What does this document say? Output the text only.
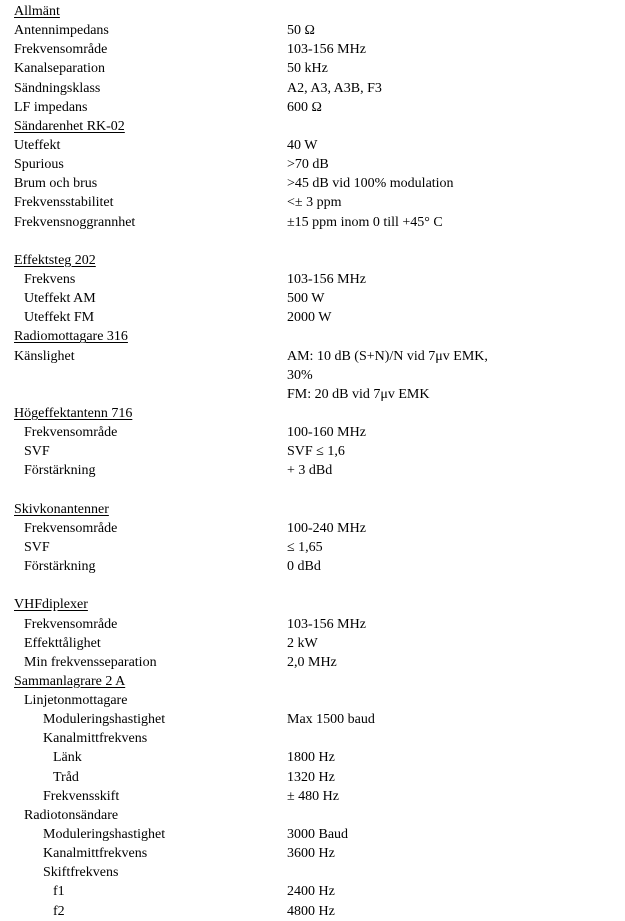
Allmänt
Antennimpedans	50 Ω
Frekvensområde	103-156 MHz
Kanalseparation	50 kHz
Sändningsklass	A2, A3, A3B, F3
LF impedans	600 Ω
Sändarenhet RK-02
Uteffekt	40 W
Spurious	>70 dB
Brum och brus	>45 dB vid 100% modulation
Frekvensstabilitet	<± 3 ppm
Frekvensnoggrannhet	±15 ppm inom 0 till +45° C
Effektsteg 202
Frekvens	103-156 MHz
Uteffekt AM	500 W
Uteffekt FM	2000 W
Radiomottagare 316
Känslighet	AM: 10 dB (S+N)/N vid 7μv EMK,
30%
FM: 20 dB vid 7μv EMK
Högeffektantenn 716
Frekvensområde	100-160 MHz
SVF	SVF ≤ 1,6
Förstärkning	+ 3 dBd
Skivkonantenner
Frekvensområde	100-240 MHz
SVF	≤ 1,65
Förstärkning	0 dBd
VHFdiplexer
Frekvensområde	103-156 MHz
Effekttålighet	2 kW
Min frekvensseparation	2,0 MHz
Sammanlagrare 2 A
Linjetonmottagare
Moduleringshastighet	Max 1500 baud
Kanalmittfrekvens
Länk	1800 Hz
Tråd	1320 Hz
Frekvensskift	± 480 Hz
Radiotonsändare
Moduleringshastighet	3000 Baud
Kanalmittfrekvens	3600 Hz
Skiftfrekvens
f1	2400 Hz
f2	4800 Hz
